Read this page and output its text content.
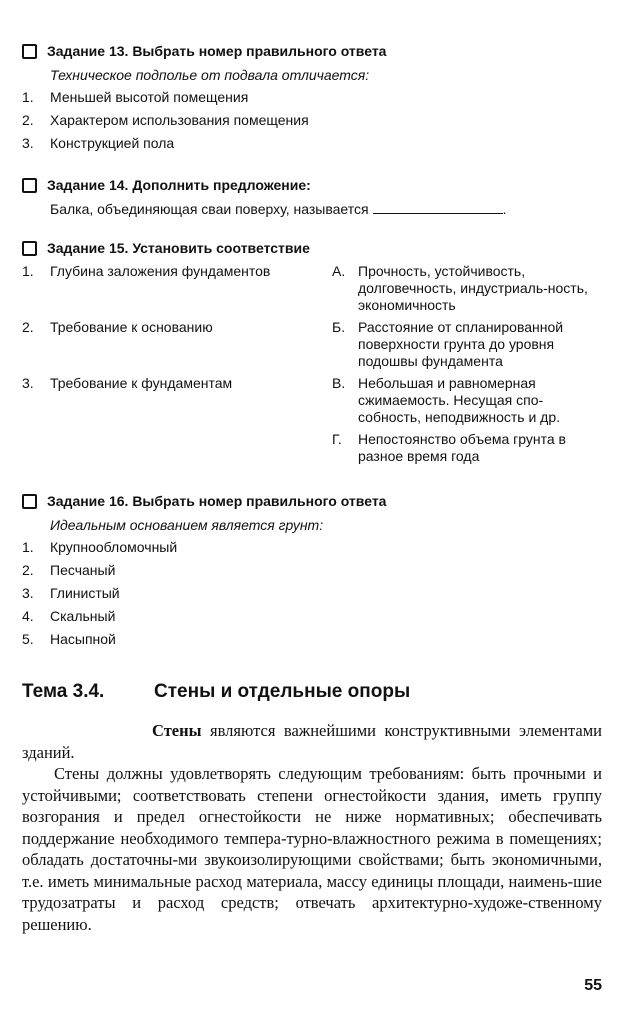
Задание 13. Выбрать номер правильного ответа
Техническое подполье от подвала отличается:
1.	Меньшей высотой помещения
2.	Характером использования помещения
3.	Конструкцией пола
Задание 14. Дополнить предложение:
Балка, объединяющая сваи поверху, называется	.
Задание 15. Установить соответствие
1.	Глубина заложения фундаментов	А. Прочность, устойчивость, долговечность, индустриаль-ность, экономичность
2.	Требование к основанию	Б. Расстояние от спланированной поверхности грунта до уровня подошвы фундамента
3.	Требование к фундаментам	В. Небольшая и равномерная сжимаемость. Несущая спо-собность, неподвижность и др.
Г.	Непостоянство объема грунта в разное время года
Задание 16. Выбрать номер правильного ответа
Идеальным основанием является грунт:
1.	Крупнообломочный
2.	Песчаный
3.	Глинистый
4.	Скальный
5.	Насыпной
Тема 3.4.	Стены и отдельные опоры

Стены являются важнейшими конструктивными элементами зданий.

Стены должны удовлетворять следующим требованиям: быть прочными и устойчивыми; соответствовать степени огнестойкости здания, иметь группу возгорания и предел огнестойкости не ниже нормативных; обеспечивать поддержание необходимого темпера-турно-влажностного режима в помещениях; обладать достаточны-ми звукоизолирующими свойствами; быть экономичными, т.е. иметь минимальные расход материала, массу единицы площади, наимень-шие трудозатраты и расход средств; отвечать архитектурно-художе-ственному решению.

55
